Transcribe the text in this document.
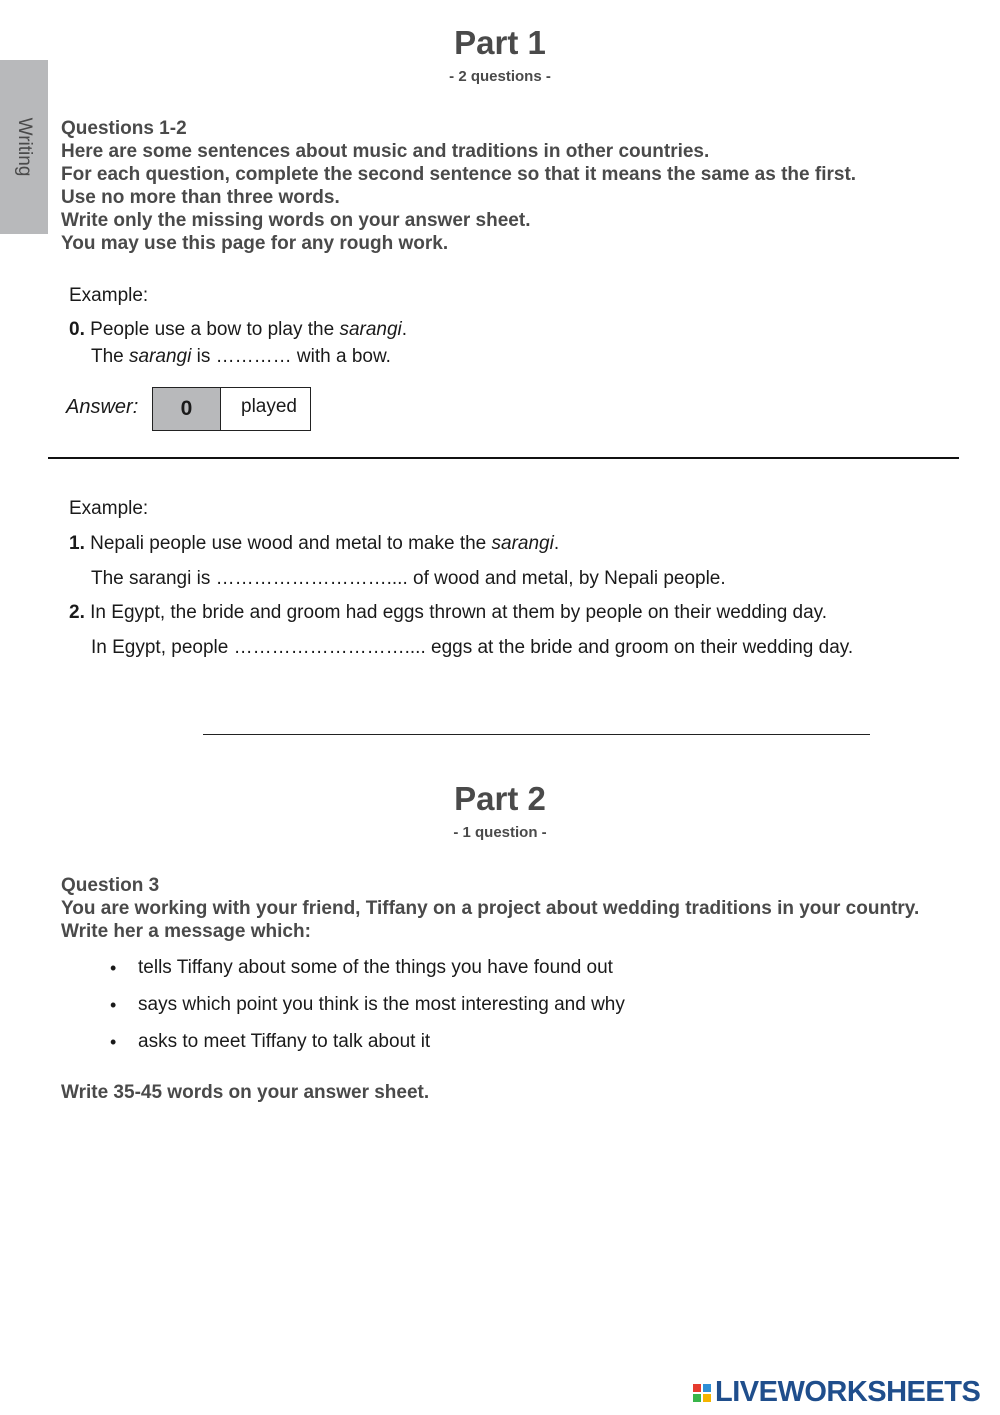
Writing
Part 1
- 2 questions -
Questions 1-2
Here are some sentences about music and traditions in other countries.
For each question, complete the second sentence so that it means the same as the first.
Use no more than three words.
Write only the missing words on your answer sheet.
You may use this page for any rough work.
Example:
0. People use a bow to play the sarangi.
The sarangi is ………… with a bow.
Answer:	0	played
Example:
1. Nepali people use wood and metal to make the sarangi.
The sarangi is ……………………….... of wood and metal, by Nepali people.
2. In Egypt, the bride and groom had eggs thrown at them by people on their wedding day.
In Egypt, people ……………………….... eggs at the bride and groom on their wedding day.
Part 2
- 1 question -
Question 3
You are working with your friend, Tiffany on a project about wedding traditions in your country. Write her a message which:
• tells Tiffany about some of the things you have found out
• says which point you think is the most interesting and why
• asks to meet Tiffany to talk about it
Write 35-45 words on your answer sheet.
LIVEWORKSHEETS
